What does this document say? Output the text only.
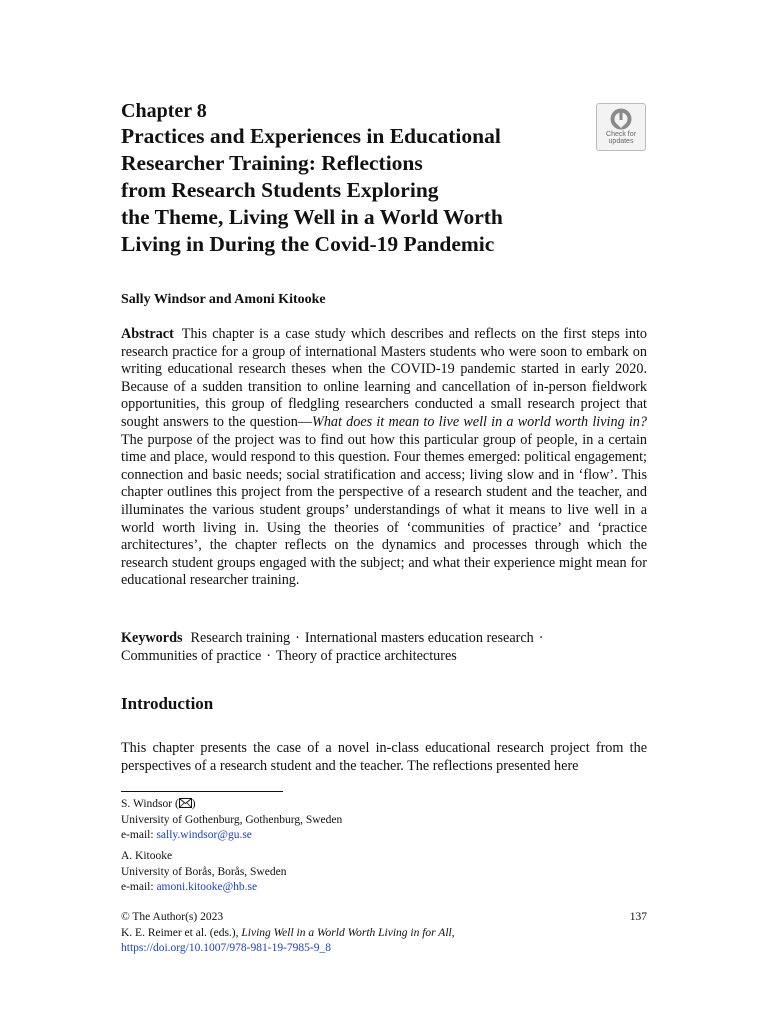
Chapter 8
Practices and Experiences in Educational
Researcher Training: Reflections
from Research Students Exploring
the Theme, Living Well in a World Worth
Living in During the Covid-19 Pandemic
Check for
updates
Sally Windsor and Amoni Kitooke

Abstract This chapter is a case study which describes and reflects on the first steps into research practice for a group of international Masters students who were soon to embark on writing educational research theses when the COVID-19 pandemic started in early 2020. Because of a sudden transition to online learning and cancellation of in-person fieldwork opportunities, this group of fledgling researchers conducted a small research project that sought answers to the question—What does it mean to live well in a world worth living in? The purpose of the project was to find out how this particular group of people, in a certain time and place, would respond to this question. Four themes emerged: political engagement; connection and basic needs; social stratification and access; living slow and in ‘flow’. This chapter outlines this project from the perspective of a research student and the teacher, and illuminates the various student groups’ understandings of what it means to live well in a world worth living in. Using the theories of ‘communities of practice’ and ‘practice architectures’, the chapter reflects on the dynamics and processes through which the research student groups engaged with the subject; and what their experience might mean for educational researcher training.

Keywords Research training · International masters education research ·
Communities of practice · Theory of practice architectures

Introduction

This chapter presents the case of a novel in-class educational research project from the perspectives of a research student and the teacher. The reflections presented here

S. Windsor ( )
University of Gothenburg, Gothenburg, Sweden
e-mail: sally.windsor@gu.se
A. Kitooke
University of Borås, Borås, Sweden
e-mail: amoni.kitooke@hb.se
© The Author(s) 2023	137
K. E. Reimer et al. (eds.), Living Well in a World Worth Living in for All,
https://doi.org/10.1007/978-981-19-7985-9_8
